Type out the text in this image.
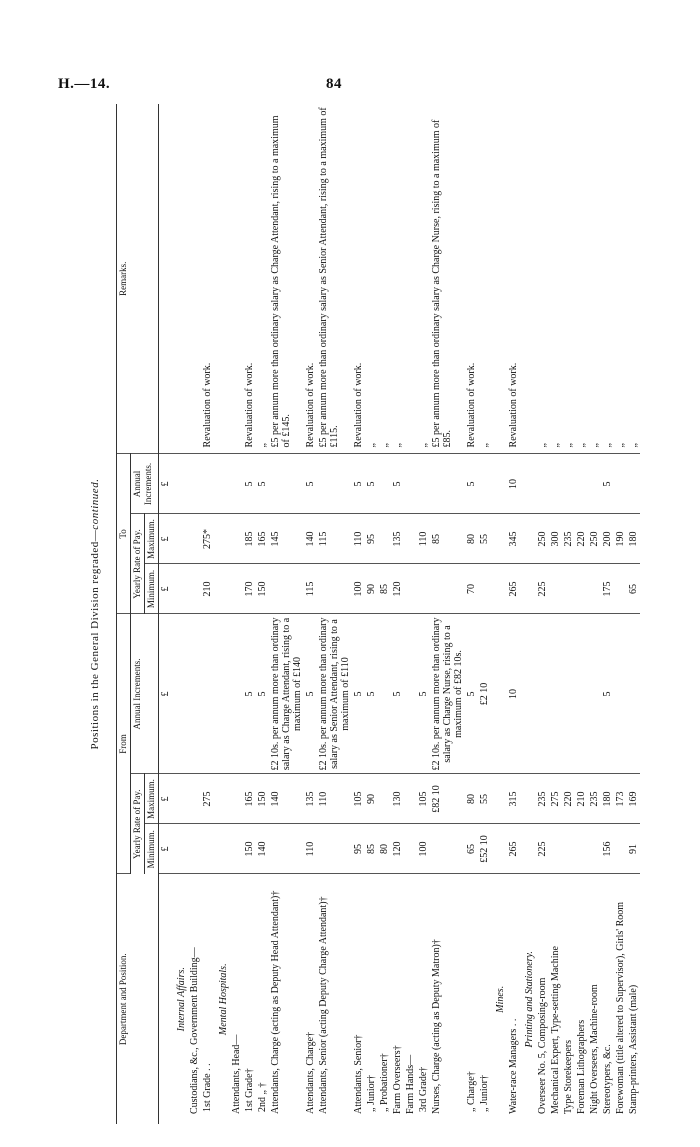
H.—14.	84
Positions in the General Division regraded—continued.
Department and Position.	From			To			Remarks.
	Yearly Rate of Pay.		Annual Increments.	Yearly Rate of Pay.		Annual Increments.	
	Minimum.	Maximum.		Minimum.	Maximum.		
	£	£	£	£	£	£	
Internal Affairs.							
Custodians, &c., Government Building—							
1st Grade . .		275		210	275*		Revaluation of work.
Mental Hospitals.							
Attendants, Head—							
1st Grade†	150	165	5	170	185	5	Revaluation of work.
2nd „ †	140	150	5	150	165	5	„
Attendants, Charge (acting as Deputy Head Attendant)†		140	£2 10s. per annum more than ordinary salary as Charge Attendant, rising to a maximum of £140		145		£5 per annum more than ordinary salary as Charge Attendant, rising to a maximum of £145.
Attendants, Charge†	110	135	5	115	140	5	Revaluation of work.
Attendants, Senior (acting Deputy Charge Attendant)†		110	£2 10s. per annum more than ordinary salary as Senior Attendant, rising to a maximum of £110		115		£5 per annum more than ordinary salary as Senior Attendant, rising to a maximum of £115.
Attendants, Senior†	95	105	5	100	110	5	Revaluation of work.
„ Junior†	85	90	5	90	95	5	„
„ Probationer†	80			85			„
Farm Overseers†	120	130	5	120	135	5	„
Farm Hands—							
3rd Grade†	100	105	5		110		„
Nurses, Charge (acting as Deputy Matron)†		£82 10	£2 10s. per annum more than ordinary salary as Charge Nurse, rising to a maximum of £82 10s.		85		£5 per annum more than ordinary salary as Charge Nurse, rising to a maximum of £85.
„ Charge†	65	80	5	70	80	5	Revaluation of work.
„ Junior†	£52 10	55	£2 10		55		„
Mines.							
Water-race Managers . .	265	315	10	265	345	10	Revaluation of work.
Printing and Stationery.							
Overseer No. 5, Composing-room	225	235		225	250		„
Mechanical Expert, Type-setting Machine		275			300		„
Type Storekeepers		220			235		„
Foreman Lithographers		210			220		„
Night Overseers, Machine-room		235			250		„
Stereotypers, &c.	156	180	5	175	200	5	„
Forewoman (title altered to Supervisor), Girls' Room		173			190		„
Stamp-printers, Assistant (male)	91	169		65	180		„
